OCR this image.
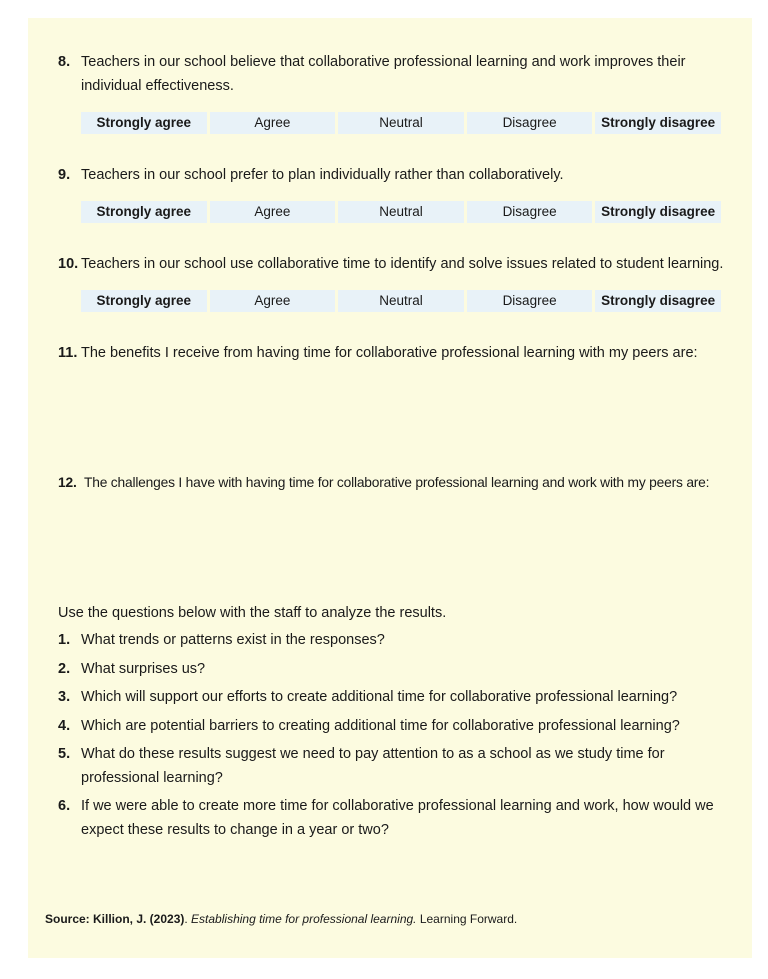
8. Teachers in our school believe that collaborative professional learning and work improves their individual effectiveness.
Strongly agree	Agree	Neutral	Disagree	Strongly disagree
9. Teachers in our school prefer to plan individually rather than collaboratively.
Strongly agree	Agree	Neutral	Disagree	Strongly disagree
10. Teachers in our school use collaborative time to identify and solve issues related to student learning.
Strongly agree	Agree	Neutral	Disagree	Strongly disagree
11. The benefits I receive from having time for collaborative professional learning with my peers are:
12. The challenges I have with having time for collaborative professional learning and work with my peers are:
Use the questions below with the staff to analyze the results.
1. What trends or patterns exist in the responses?
2. What surprises us?
3. Which will support our efforts to create additional time for collaborative professional learning?
4. Which are potential barriers to creating additional time for collaborative professional learning?
5. What do these results suggest we need to pay attention to as a school as we study time for professional learning?
6. If we were able to create more time for collaborative professional learning and work, how would we expect these results to change in a year or two?
Source: Killion, J. (2023). Establishing time for professional learning. Learning Forward.
